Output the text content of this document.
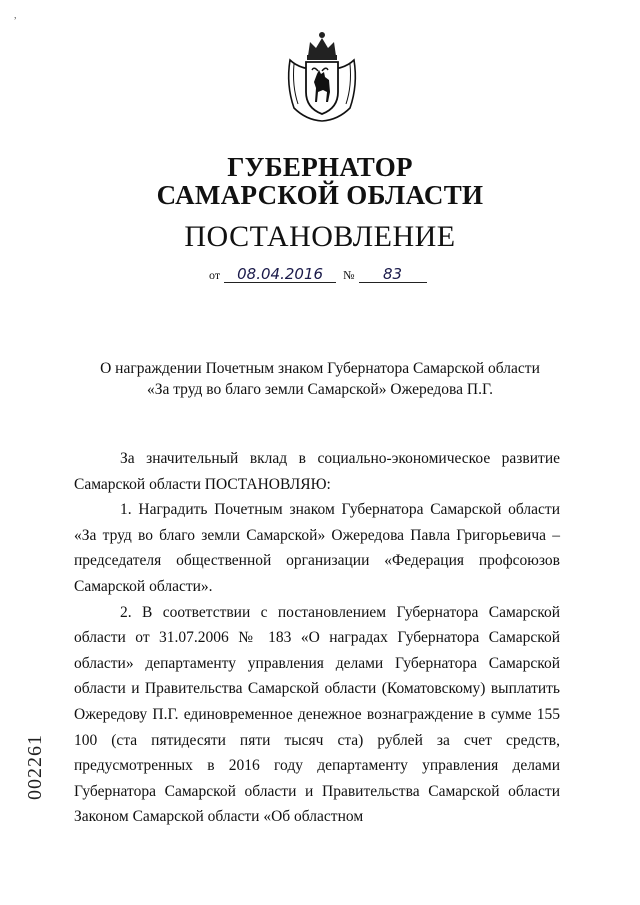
ГУБЕРНАТОР
САМАРСКОЙ ОБЛАСТИ
ПОСТАНОВЛЕНИЕ
от 08.04.2016 № 83
О награждении Почетным знаком Губернатора Самарской области
«За труд во благо земли Самарской» Ожередова П.Г.

За значительный вклад в социально-экономическое развитие Самарской области ПОСТАНОВЛЯЮ:

1. Наградить Почетным знаком Губернатора Самарской области «За труд во благо земли Самарской» Ожередова Павла Григорьевича – председателя общественной организации «Федерация профсоюзов Самарской области».

2. В соответствии с постановлением Губернатора Самарской области от 31.07.2006 № 183 «О наградах Губернатора Самарской области» департаменту управления делами Губернатора Самарской области и Правительства Самарской области (Коматовскому) выплатить Ожередову П.Г. единовременное денежное вознаграждение в сумме 155 100 (ста пятидесяти пяти тысяч ста) рублей за счет средств, предусмотренных в 2016 году департаменту управления делами Губернатора Самарской области и Правительства Самарской области Законом Самарской области «Об областном

002261
,
